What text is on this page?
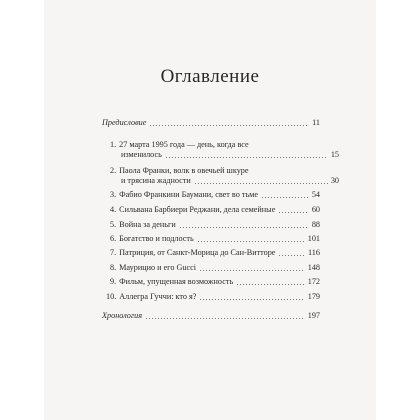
Оглавление
Предисловие	11
1. 27 марта 1995 года — день, когда все
изменилось	15
2. Паола Франки, волк в овечьей шкуре
и трясина жадности	30
3. Фабио Франкини Баумани, свет во тьме	54
4. Сильвана Барбиери Реджани, дела семейные	60
5. Война за деньги	88
6. Богатство и подлость	101
7. Патриция, от Санкт-Морица до Сан-Витторе	116
8. Маурицио и его Gucci	148
9. Фильм, упущенная возможность	172
10. Аллегра Гуччи: кто я?	179
Хронология	197
